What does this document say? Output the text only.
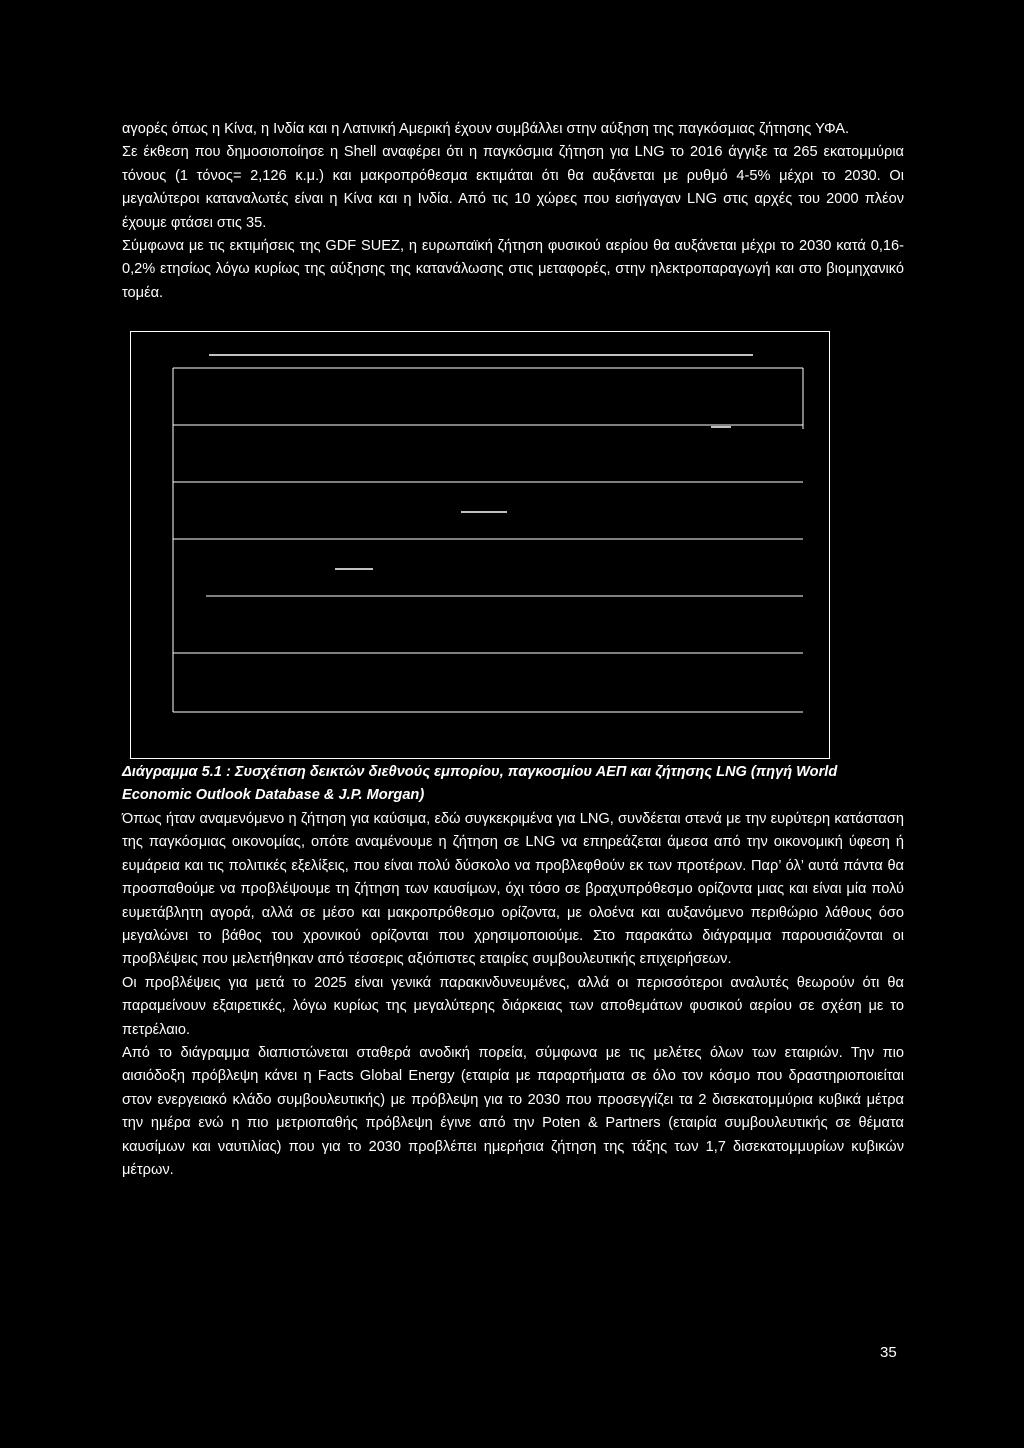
αγορές όπως η Κίνα, η Ινδία και η Λατινική Αμερική έχουν συμβάλλει στην αύξηση της παγκόσμιας ζήτησης ΥΦΑ.

Σε έκθεση που δημοσιοποίησε η Shell αναφέρει ότι η παγκόσμια ζήτηση για LNG το 2016 άγγιξε τα 265 εκατομμύρια τόνους (1 τόνος= 2,126 κ.μ.) και μακροπρόθεσμα εκτιμάται ότι θα αυξάνεται με ρυθμό 4-5% μέχρι το 2030. Οι μεγαλύτεροι καταναλωτές είναι η Κίνα και η Ινδία. Από τις 10 χώρες που εισήγαγαν LNG στις αρχές του 2000 πλέον έχουμε φτάσει στις 35.

Σύμφωνα με τις εκτιμήσεις της GDF SUEZ, η ευρωπαϊκή ζήτηση φυσικού αερίου θα αυξάνεται μέχρι το 2030 κατά 0,16-0,2% ετησίως λόγω κυρίως της αύξησης της κατανάλωσης στις μεταφορές, στην ηλεκτροπαραγωγή και στο βιομηχανικό τομέα.

Διάγραμμα 5.1 : Συσχέτιση δεικτών διεθνούς εμπορίου, παγκοσμίου ΑΕΠ και ζήτησης LNG (πηγή World Economic Outlook Database & J.P. Morgan)

Όπως ήταν αναμενόμενο η ζήτηση για καύσιμα, εδώ συγκεκριμένα για LNG, συνδέεται στενά με την ευρύτερη κατάσταση της παγκόσμιας οικονομίας, οπότε αναμένουμε η ζήτηση σε LNG να επηρεάζεται άμεσα από την οικονομική ύφεση ή ευμάρεια και τις πολιτικές εξελίξεις, που είναι πολύ δύσκολο να προβλεφθούν εκ των προτέρων. Παρ’ όλ’ αυτά πάντα θα προσπαθούμε να προβλέψουμε τη ζήτηση των καυσίμων, όχι τόσο σε βραχυπρόθεσμο ορίζοντα μιας και είναι μία πολύ ευμετάβλητη αγορά, αλλά σε μέσο και μακροπρόθεσμο ορίζοντα, με ολοένα και αυξανόμενο περιθώριο λάθους όσο μεγαλώνει το βάθος του χρονικού ορίζονται που χρησιμοποιούμε. Στο παρακάτω διάγραμμα παρουσιάζονται οι προβλέψεις που μελετήθηκαν από τέσσερις αξιόπιστες εταιρίες συμβουλευτικής επιχειρήσεων.

Οι προβλέψεις για μετά το 2025 είναι γενικά παρακινδυνευμένες, αλλά οι περισσότεροι αναλυτές θεωρούν ότι θα παραμείνουν εξαιρετικές, λόγω κυρίως της μεγαλύτερης διάρκειας των αποθεμάτων φυσικού αερίου σε σχέση με το πετρέλαιο.

Από το διάγραμμα διαπιστώνεται σταθερά ανοδική πορεία, σύμφωνα με τις μελέτες όλων των εταιριών. Την πιο αισιόδοξη πρόβλεψη κάνει η Facts Global Energy (εταιρία με παραρτήματα σε όλο τον κόσμο που δραστηριοποιείται στον ενεργειακό κλάδο συμβουλευτικής) με πρόβλεψη για το 2030 που προσεγγίζει τα 2 δισεκατομμύρια κυβικά μέτρα την ημέρα ενώ η πιο μετριοπαθής πρόβλεψη έγινε από την Poten & Partners (εταιρία συμβουλευτικής σε θέματα καυσίμων και ναυτιλίας) που για το 2030 προβλέπει ημερήσια ζήτηση της τάξης των 1,7 δισεκατομμυρίων κυβικών μέτρων.

35
